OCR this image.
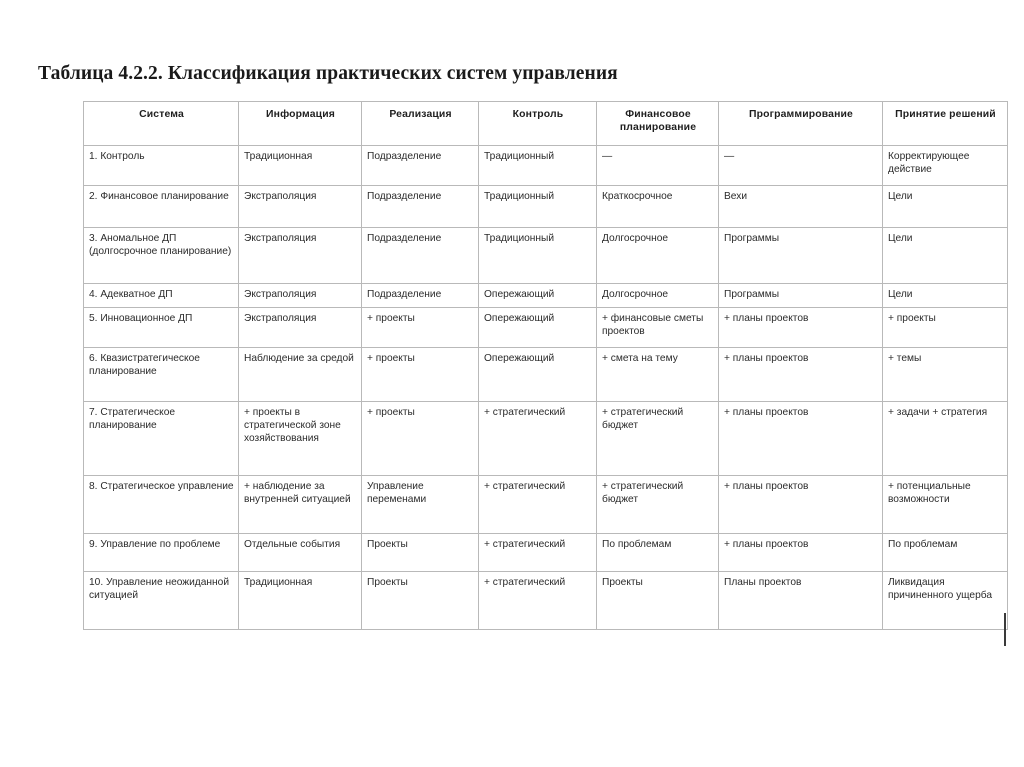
Таблица 4.2.2. Классификация практических систем управления
Система	Информация	Реализация	Контроль	Финансовое планирование	Программирование	Принятие решений
1. Контроль	Традиционная	Подразделение	Традиционный	—	—	Корректирующее действие
2. Финансовое планирование	Экстраполяция	Подразделение	Традиционный	Краткосрочное	Вехи	Цели
3. Аномальное ДП (долгосрочное планирование)	Экстраполяция	Подразделение	Традиционный	Долгосрочное	Программы	Цели
4. Адекватное ДП	Экстраполяция	Подразделение	Опережающий	Долгосрочное	Программы	Цели
5. Инновационное ДП	Экстраполяция	+ проекты	Опережающий	+ финансовые сметы проектов	+ планы проектов	+ проекты
6. Квазистратегическое планирование	Наблюдение за средой	+ проекты	Опережающий	+ смета на тему	+ планы проектов	+ темы
7. Стратегическое планирование	+ проекты в стратегической зоне хозяйствования	+ проекты	+ стратегический	+ стратегический бюджет	+ планы проектов	+ задачи + стратегия
8. Стратегическое управление	+ наблюдение за внутренней ситуацией	Управление переменами	+ стратегический	+ стратегический бюджет	+ планы проектов	+ потенциальные возможности
9. Управление по проблеме	Отдельные события	Проекты	+ стратегический	По проблемам	+ планы проектов	По проблемам
10. Управление неожиданной ситуацией	Традиционная	Проекты	+ стратегический	Проекты	Планы проектов	Ликвидация причиненного ущерба
